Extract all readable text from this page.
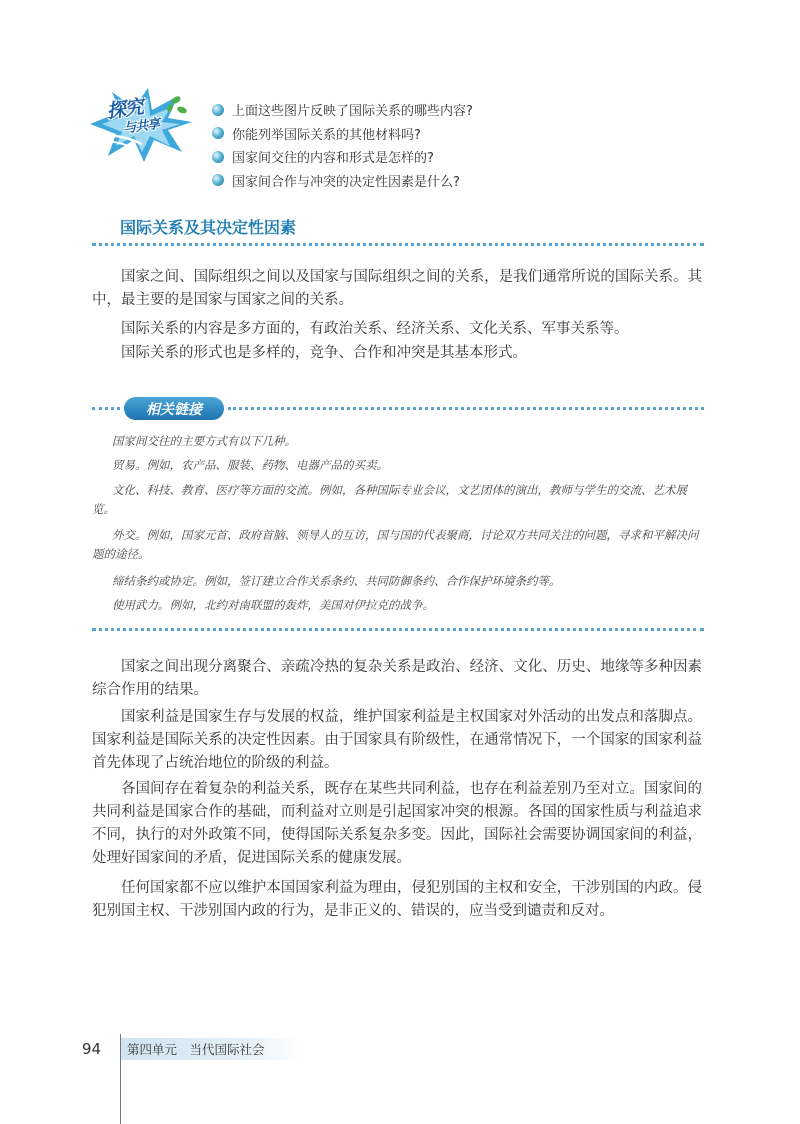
探究
与共享
上面这些图片反映了国际关系的哪些内容?
你能列举国际关系的其他材料吗?
国家间交往的内容和形式是怎样的?
国家间合作与冲突的决定性因素是什么?
国际关系及其决定性因素

国家之间、国际组织之间以及国家与国际组织之间的关系，是我们通常所说的国际关系。其中，最主要的是国家与国家之间的关系。

国际关系的内容是多方面的，有政治关系、经济关系、文化关系、军事关系等。

国际关系的形式也是多样的，竞争、合作和冲突是其基本形式。

相关链接

国家间交往的主要方式有以下几种。

贸易。例如，农产品、服装、药物、电器产品的买卖。

文化、科技、教育、医疗等方面的交流。例如，各种国际专业会议，文艺团体的演出，教师与学生的交流、艺术展览。

外交。例如，国家元首、政府首脑、领导人的互访，国与国的代表聚商，讨论双方共同关注的问题，寻求和平解决问题的途径。

缔结条约或协定。例如，签订建立合作关系条约、共同防御条约、合作保护环境条约等。

使用武力。例如，北约对南联盟的轰炸，美国对伊拉克的战争。

国家之间出现分离聚合、亲疏冷热的复杂关系是政治、经济、文化、历史、地缘等多种因素综合作用的结果。

国家利益是国家生存与发展的权益，维护国家利益是主权国家对外活动的出发点和落脚点。国家利益是国际关系的决定性因素。由于国家具有阶级性，在通常情况下，一个国家的国家利益首先体现了占统治地位的阶级的利益。

各国间存在着复杂的利益关系，既存在某些共同利益，也存在利益差别乃至对立。国家间的共同利益是国家合作的基础，而利益对立则是引起国家冲突的根源。各国的国家性质与利益追求不同，执行的对外政策不同，使得国际关系复杂多变。因此，国际社会需要协调国家间的利益，处理好国家间的矛盾，促进国际关系的健康发展。

任何国家都不应以维护本国国家利益为理由，侵犯别国的主权和安全，干涉别国的内政。侵犯别国主权、干涉别国内政的行为，是非正义的、错误的，应当受到谴责和反对。

94	第四单元　当代国际社会
